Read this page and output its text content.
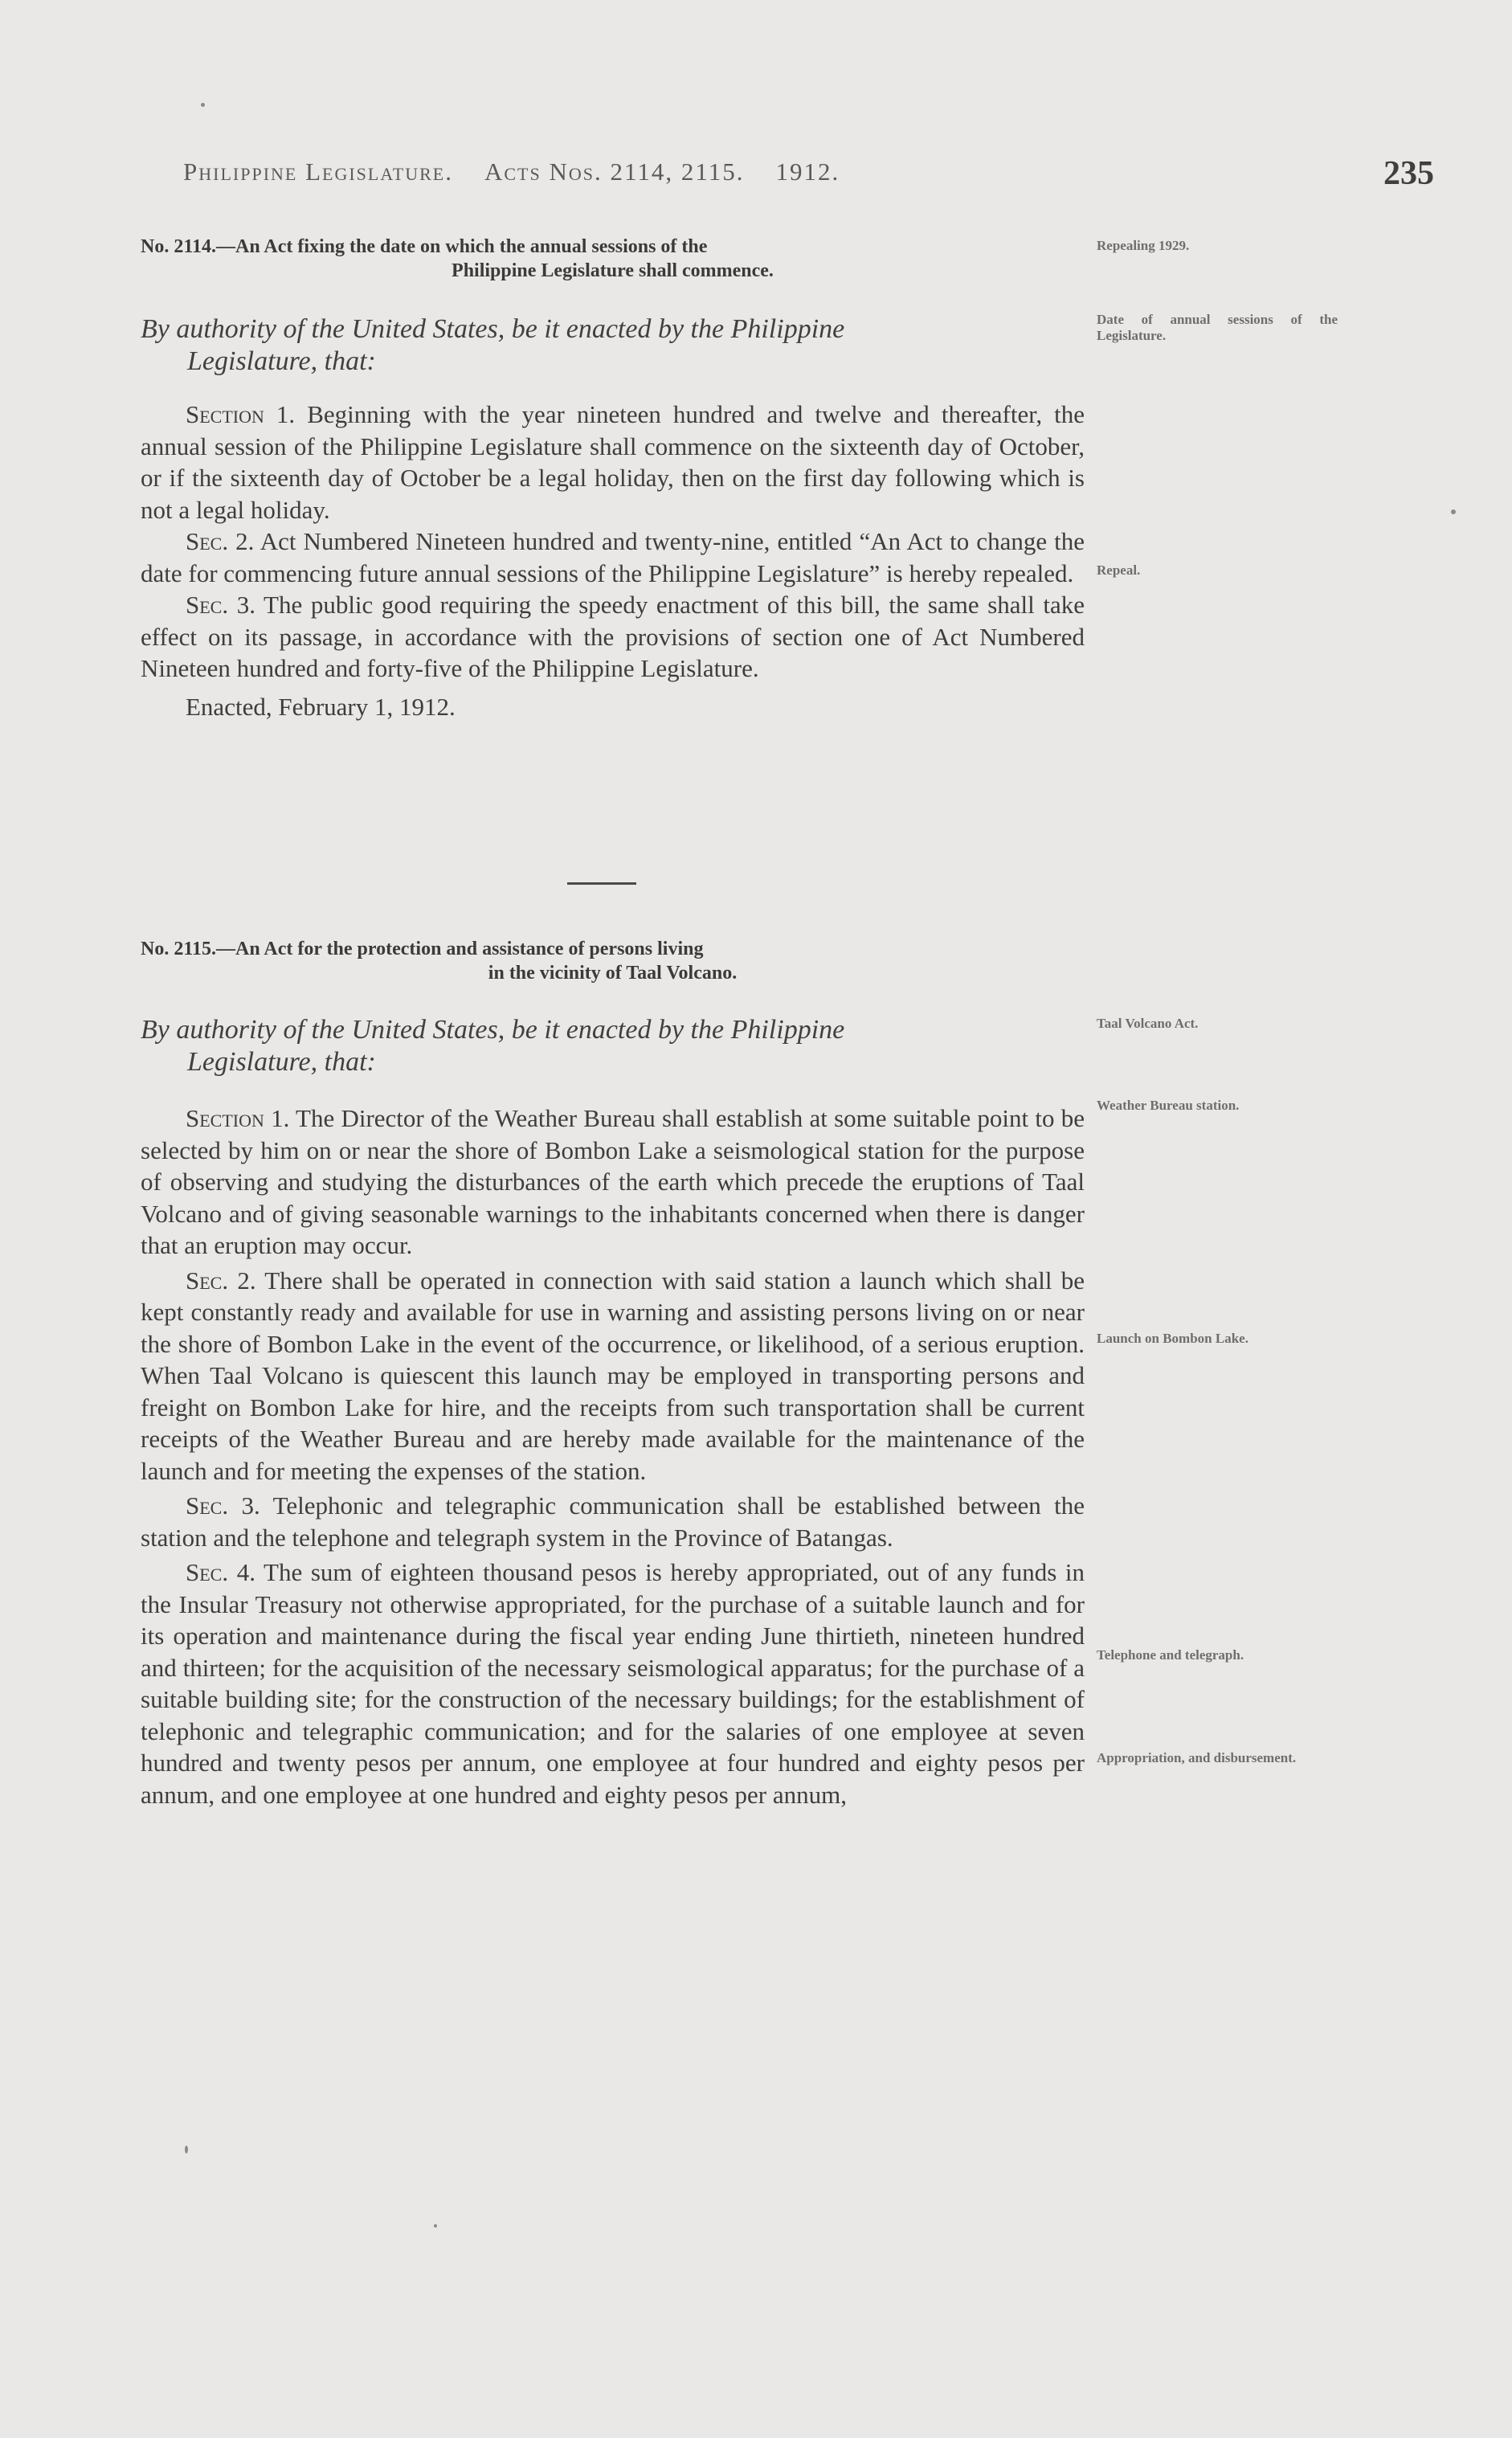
Philippine Legislature. Acts Nos. 2114, 2115. 1912.	235
No. 2114.—An Act fixing the date on which the annual sessions of the
Philippine Legislature shall commence.
Repealing 1929.
By authority of the United States, be it enacted by the Philippine
Legislature, that:
Date of annual sessions of the Legislature.

Section 1. Beginning with the year nineteen hundred and twelve and thereafter, the annual session of the Philippine Legislature shall commence on the sixteenth day of October, or if the sixteenth day of October be a legal holiday, then on the first day following which is not a legal holiday.

Sec. 2. Act Numbered Nineteen hundred and twenty-nine, entitled “An Act to change the date for commencing future annual sessions of the Philippine Legislature” is hereby repealed.

Sec. 3. The public good requiring the speedy enactment of this bill, the same shall take effect on its passage, in accordance with the provisions of section one of Act Numbered Nineteen hundred and forty-five of the Philippine Legislature.

Enacted, February 1, 1912.

Repeal.
No. 2115.—An Act for the protection and assistance of persons living
in the vicinity of Taal Volcano.
By authority of the United States, be it enacted by the Philippine
Legislature, that:
Taal Volcano Act.

Section 1. The Director of the Weather Bureau shall establish at some suitable point to be selected by him on or near the shore of Bombon Lake a seismological station for the purpose of observing and studying the disturbances of the earth which precede the eruptions of Taal Volcano and of giving seasonable warnings to the inhabitants concerned when there is danger that an eruption may occur.

Sec. 2. There shall be operated in connection with said station a launch which shall be kept constantly ready and available for use in warning and assisting persons living on or near the shore of Bombon Lake in the event of the occurrence, or likelihood, of a serious eruption. When Taal Volcano is quiescent this launch may be employed in transporting persons and freight on Bombon Lake for hire, and the receipts from such transportation shall be current receipts of the Weather Bureau and are hereby made available for the maintenance of the launch and for meeting the expenses of the station.

Sec. 3. Telephonic and telegraphic communication shall be established between the station and the telephone and telegraph system in the Province of Batangas.

Sec. 4. The sum of eighteen thousand pesos is hereby appropriated, out of any funds in the Insular Treasury not otherwise appropriated, for the purchase of a suitable launch and for its operation and maintenance during the fiscal year ending June thirtieth, nineteen hundred and thirteen; for the acquisition of the necessary seismological apparatus; for the purchase of a suitable building site; for the construction of the necessary buildings; for the establishment of telephonic and telegraphic communication; and for the salaries of one employee at seven hundred and twenty pesos per annum, one employee at four hundred and eighty pesos per annum, and one employee at one hundred and eighty pesos per annum,

Weather Bureau station.
Launch on Bombon Lake.
Telephone and telegraph.
Appropriation, and disbursement.
